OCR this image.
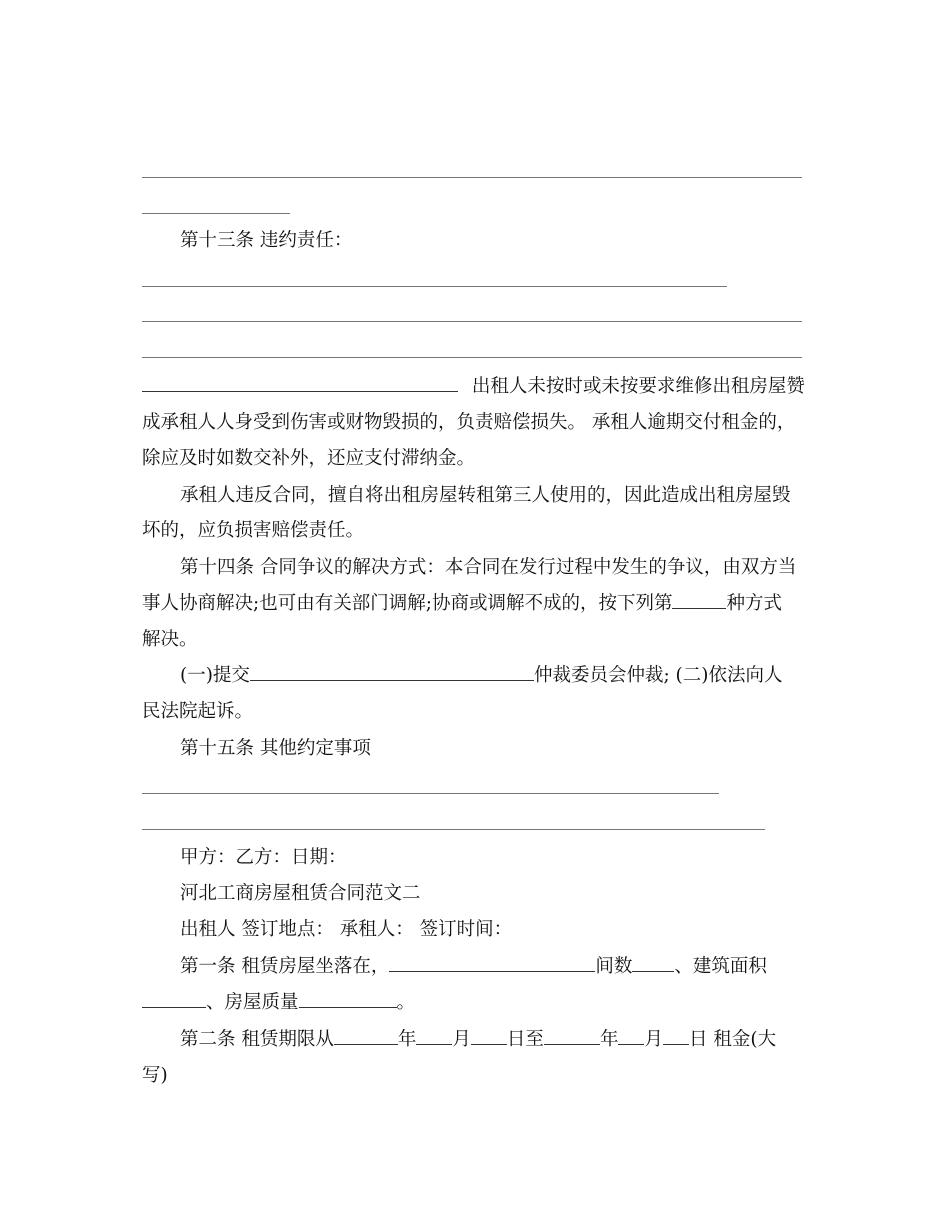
第十三条 违约责任：
出租人未按时或未按要求维修出租房屋赞
成承租人人身受到伤害或财物毁损的，负责赔偿损失。 承租人逾期交付租金的，
除应及时如数交补外，还应支付滞纳金。
承租人违反合同，擅自将出租房屋转租第三人使用的，因此造成出租房屋毁
坏的，应负损害赔偿责任。
第十四条 合同争议的解决方式：本合同在发行过程中发生的争议，由双方当
事人协商解决;也可由有关部门调解;协商或调解不成的，按下列第	种方式
解决。
(一)提交	仲裁委员会仲裁; (二)依法向人
民法院起诉。
第十五条 其他约定事项
甲方：乙方：日期：
河北工商房屋租赁合同范文二
出租人 签订地点： 承租人： 签订时间：
第一条 租赁房屋坐落在，	间数 、建筑面积
、房屋质量	。
第二条 租赁期限从	年 月 日至	年 月 日 租金(大
写)
